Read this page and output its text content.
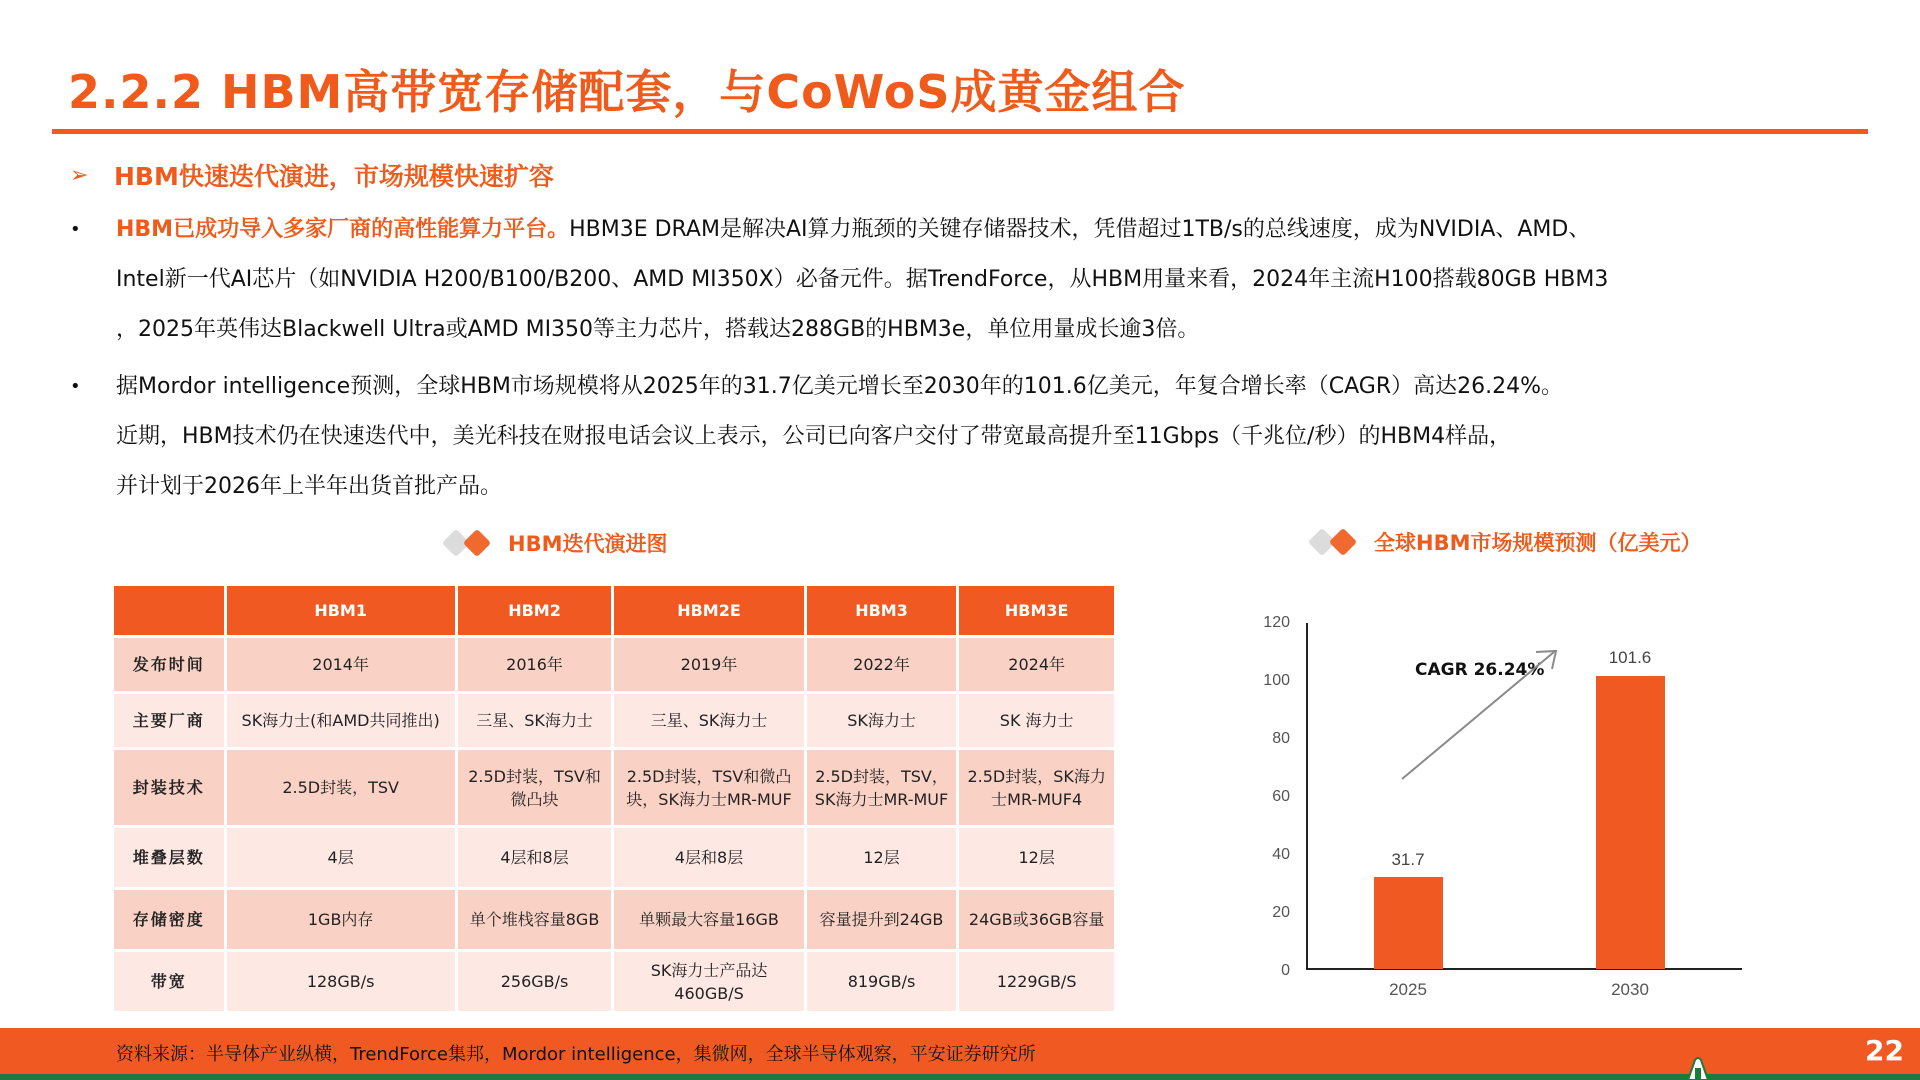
2.2.2 HBM高带宽存储配套，与CoWoS成黄金组合
➢	HBM快速迭代演进，市场规模快速扩容
•	HBM已成功导入多家厂商的高性能算力平台。HBM3E DRAM是解决AI算力瓶颈的关键存储器技术，凭借超过1TB/s的总线速度，成为NVIDIA、AMD、
Intel新一代AI芯片（如NVIDIA H200/B100/B200、AMD MI350X）必备元件。据TrendForce，从HBM用量来看，2024年主流H100搭载80GB HBM3
，2025年英伟达Blackwell Ultra或AMD MI350等主力芯片，搭载达288GB的HBM3e，单位用量成长逾3倍。
•	据Mordor intelligence预测，全球HBM市场规模将从2025年的31.7亿美元增长至2030年的101.6亿美元，年复合增长率（CAGR）高达26.24%。
近期，HBM技术仍在快速迭代中，美光科技在财报电话会议上表示，公司已向客户交付了带宽最高提升至11Gbps（千兆位/秒）的HBM4样品，
并计划于2026年上半年出货首批产品。
HBM迭代演进图
	HBM1	HBM2	HBM2E	HBM3	HBM3E
发布时间	2014年	2016年	2019年	2022年	2024年
主要厂商	SK海力士(和AMD共同推出)	三星、SK海力士	三星、SK海力士	SK海力士	SK 海力士
封装技术	2.5D封装，TSV	2.5D封装，TSV和微凸块	2.5D封装，TSV和微凸块，SK海力士MR-MUF	2.5D封装，TSV，SK海力士MR-MUF	2.5D封装，SK海力士MR-MUF4
堆叠层数	4层	4层和8层	4层和8层	12层	12层
存储密度	1GB内存	单个堆栈容量8GB	单颗最大容量16GB	容量提升到24GB	24GB或36GB容量
带宽	128GB/s	256GB/s	SK海力士产品达460GB/S	819GB/s	1229GB/S
全球HBM市场规模预测（亿美元）
120
100
80
60
40
20
0
31.7
101.6
2025	2030
CAGR 26.24%
资料来源：半导体产业纵横，TrendForce集邦，Mordor intelligence，集微网，全球半导体观察，平安证券研究所	22
